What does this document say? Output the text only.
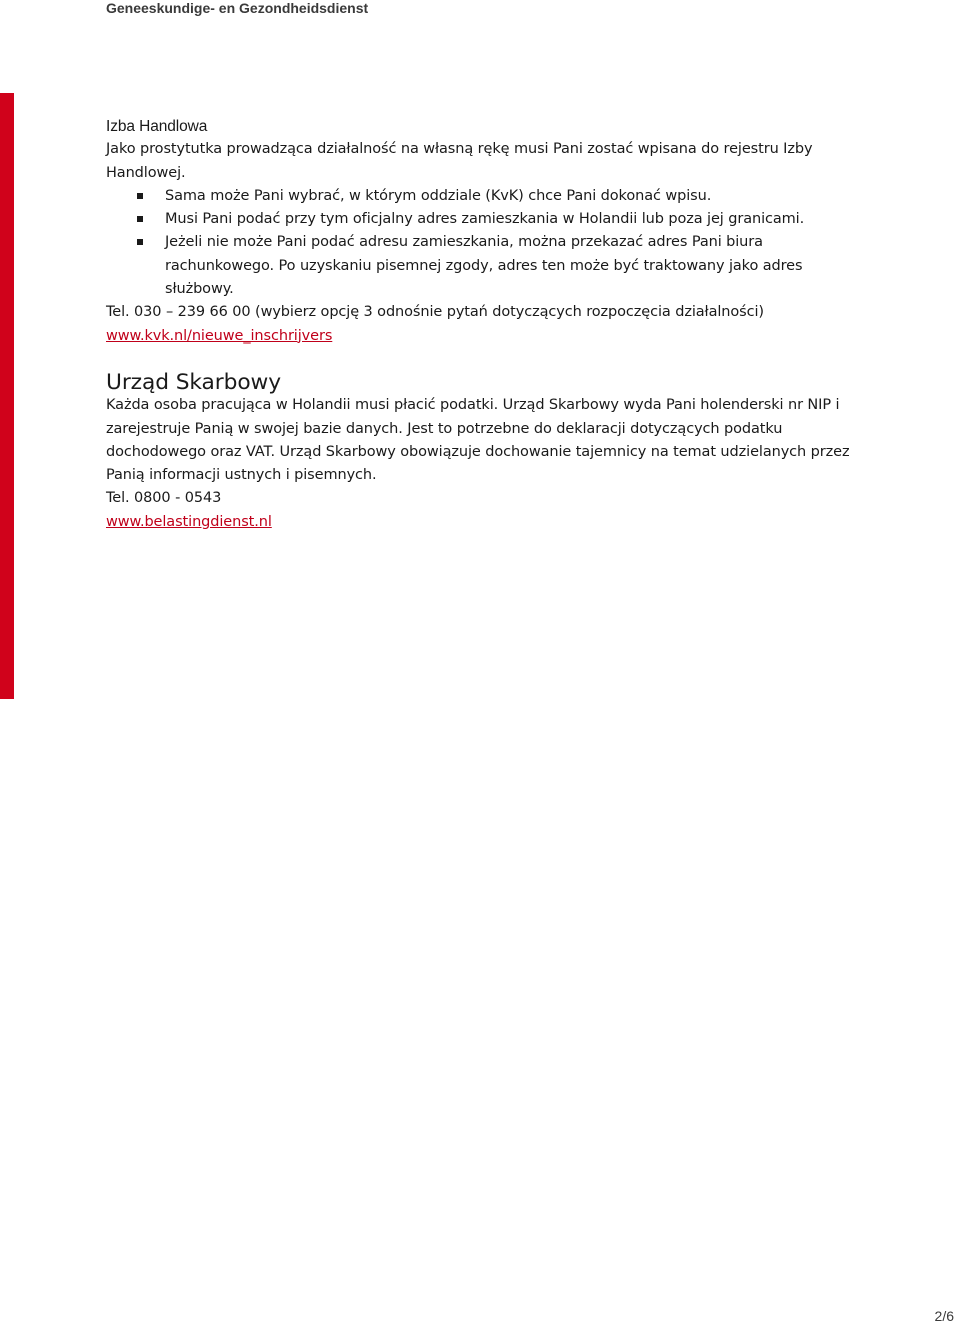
Geneeskundige- en Gezondheidsdienst
Izba Handlowa

Jako prostytutka prowadząca działalność na własną rękę musi Pani zostać wpisana do rejestru Izby Handlowej.

Sama może Pani wybrać, w którym oddziale (KvK) chce Pani dokonać wpisu.
Musi Pani podać przy tym oficjalny adres zamieszkania w Holandii lub poza jej granicami.
Jeżeli nie może Pani podać adresu zamieszkania, można przekazać adres Pani biura rachunkowego. Po uzyskaniu pisemnej zgody, adres ten może być traktowany jako adres służbowy.

Tel. 030 – 239 66 00 (wybierz opcję 3 odnośnie pytań dotyczących rozpoczęcia działalności)

www.kvk.nl/nieuwe_inschrijvers

Urząd Skarbowy

Każda osoba pracująca w Holandii musi płacić podatki. Urząd Skarbowy wyda Pani holenderski nr NIP i zarejestruje Panią w swojej bazie danych. Jest to potrzebne do deklaracji dotyczących podatku dochodowego oraz VAT. Urząd Skarbowy obowiązuje dochowanie tajemnicy na temat udzielanych przez Panią informacji ustnych i pisemnych.

Tel. 0800 - 0543

www.belastingdienst.nl

2/6
